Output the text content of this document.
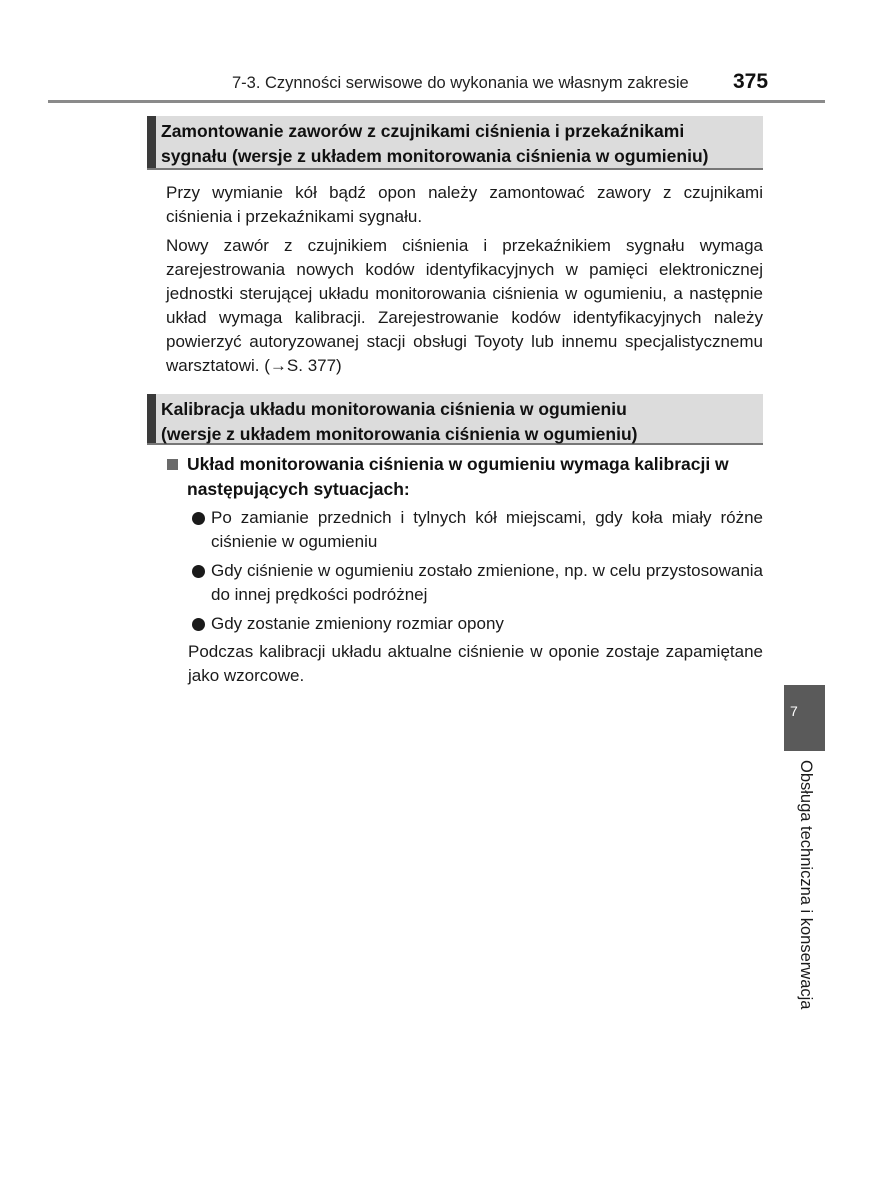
7-3. Czynności serwisowe do wykonania we własnym zakresie 375
Zamontowanie zaworów z czujnikami ciśnienia i przekaźnikami
sygnału (wersje z układem monitorowania ciśnienia w ogumieniu)
Przy wymianie kół bądź opon należy zamontować zawory z czujnikami ciśnienia i przekaźnikami sygnału.
Nowy zawór z czujnikiem ciśnienia i przekaźnikiem sygnału wymaga zarejestrowania nowych kodów identyfikacyjnych w pamięci elektronicznej jednostki sterującej układu monitorowania ciśnienia w ogumieniu, a następnie układ wymaga kalibracji. Zarejestrowanie kodów identyfikacyjnych należy powierzyć autoryzowanej stacji obsługi Toyoty lub innemu specjalistycznemu warsztatowi. (→S. 377)
Kalibracja układu monitorowania ciśnienia w ogumieniu
(wersje z układem monitorowania ciśnienia w ogumieniu)
Układ monitorowania ciśnienia w ogumieniu wymaga kalibracji w następujących sytuacjach:
Po zamianie przednich i tylnych kół miejscami, gdy koła miały różne ciśnienie w ogumieniu
Gdy ciśnienie w ogumieniu zostało zmienione, np. w celu przystosowania do innej prędkości podróżnej
Gdy zostanie zmieniony rozmiar opony
Podczas kalibracji układu aktualne ciśnienie w oponie zostaje zapamiętane jako wzorcowe.
7
Obsługa techniczna i konserwacja
